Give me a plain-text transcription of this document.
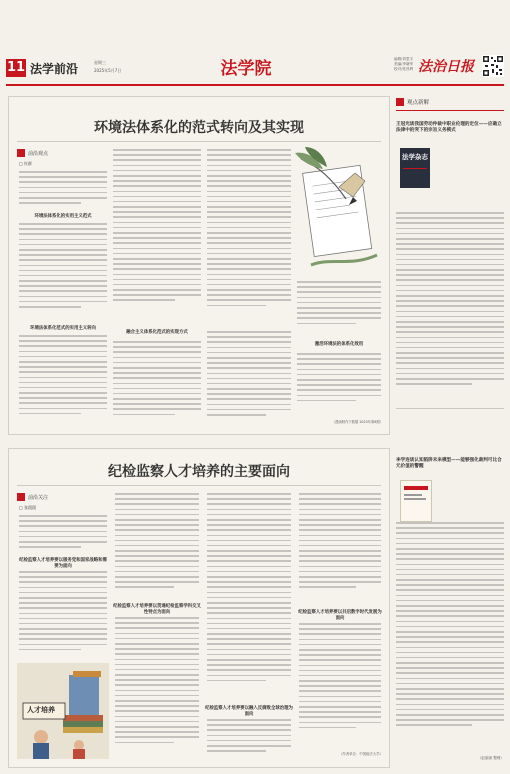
11 法学前沿	星期三
2025年5月7日	法学院	编辑/刘思宇
美编/李晓军
校对/张昌利 法治日报
环境法体系化的范式转向及其实现
前沿观点
□ 杜群
环境法体系化的实用主义范式
环境法体系化范式的实用主义转向
融合主义体系化范式的实现方式
激活环境法的体系化效用
（漫画制作于数据 2025年第8期）
纪检监察人才培养的主要面向
前沿关注
□ 张璟璟
纪检监察人才培养要以服务党和国家战略和需要为面向
人才培养
纪检监察人才培养要以贯通纪检监察学科交叉性特点为面向
纪检监察人才培养要以融入反腐败全球治理为面向
纪检监察人才培养要以共启数字时代发展为面向
（作者单位：中国政法大学）
观点新解
王冠光谈我国劳动仲裁中职业伦理的定位——应确立法律中的突下的宗旨义务模式
法学杂志
李学连谈认知陷阱未来模型——能够强化裁判可比合元价值的警醒
（赵丽丽 整理）
